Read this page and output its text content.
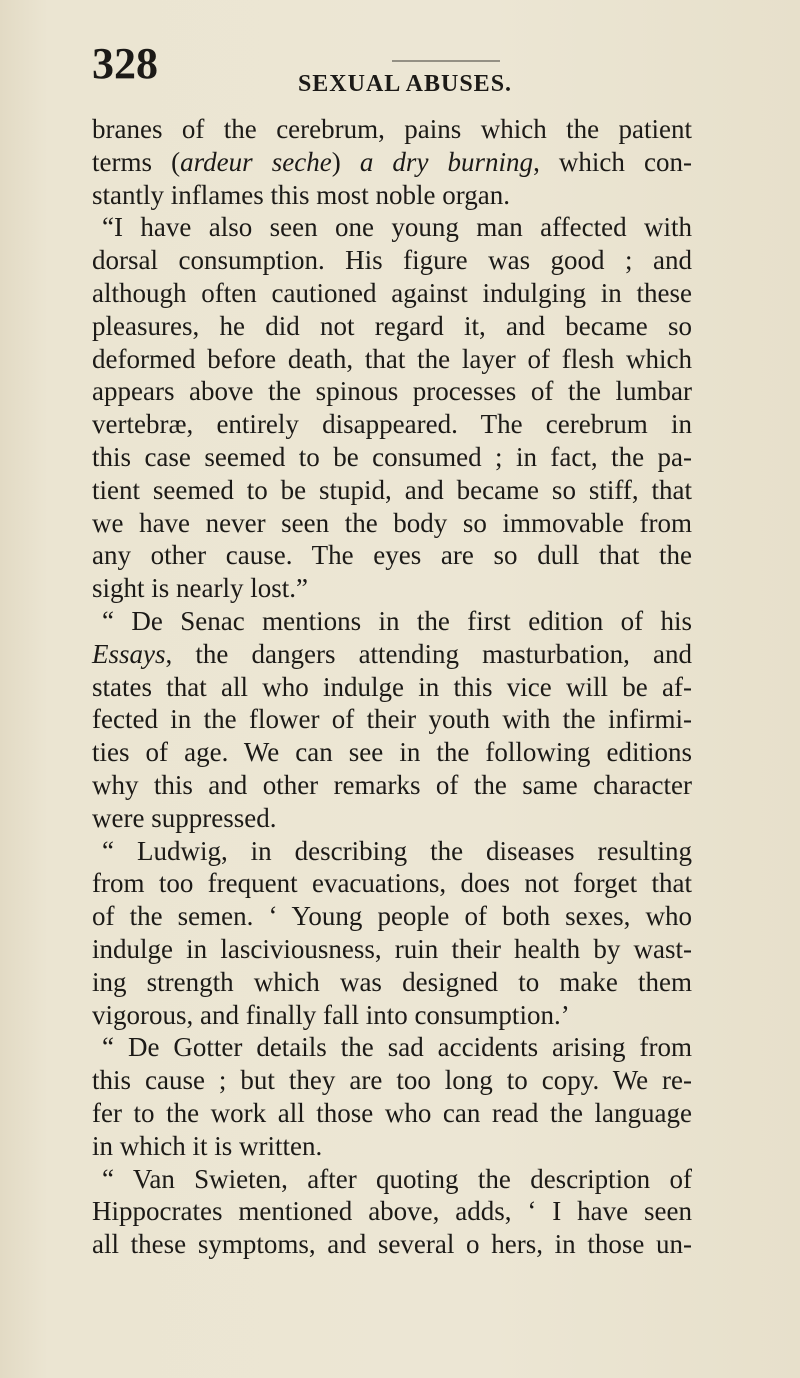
328	SEXUAL ABUSES.
branes of the cerebrum, pains which the patient
terms (ardeur seche) a dry burning, which con-
stantly inflames this most noble organ.
“I have also seen one young man affected with
dorsal consumption. His figure was good ; and
although often cautioned against indulging in these
pleasures, he did not regard it, and became so
deformed before death, that the layer of flesh which
appears above the spinous processes of the lumbar
vertebræ, entirely disappeared. The cerebrum in
this case seemed to be consumed ; in fact, the pa-
tient seemed to be stupid, and became so stiff, that
we have never seen the body so immovable from
any other cause. The eyes are so dull that the
sight is nearly lost.”
“ De Senac mentions in the first edition of his
Essays, the dangers attending masturbation, and
states that all who indulge in this vice will be af-
fected in the flower of their youth with the infirmi-
ties of age. We can see in the following editions
why this and other remarks of the same character
were suppressed.
“ Ludwig, in describing the diseases resulting
from too frequent evacuations, does not forget that
of the semen. ‘ Young people of both sexes, who
indulge in lasciviousness, ruin their health by wast-
ing strength which was designed to make them
vigorous, and finally fall into consumption.’
“ De Gotter details the sad accidents arising from
this cause ; but they are too long to copy. We re-
fer to the work all those who can read the language
in which it is written.
“ Van Swieten, after quoting the description of
Hippocrates mentioned above, adds, ‘ I have seen
all these symptoms, and several o hers, in those un-
